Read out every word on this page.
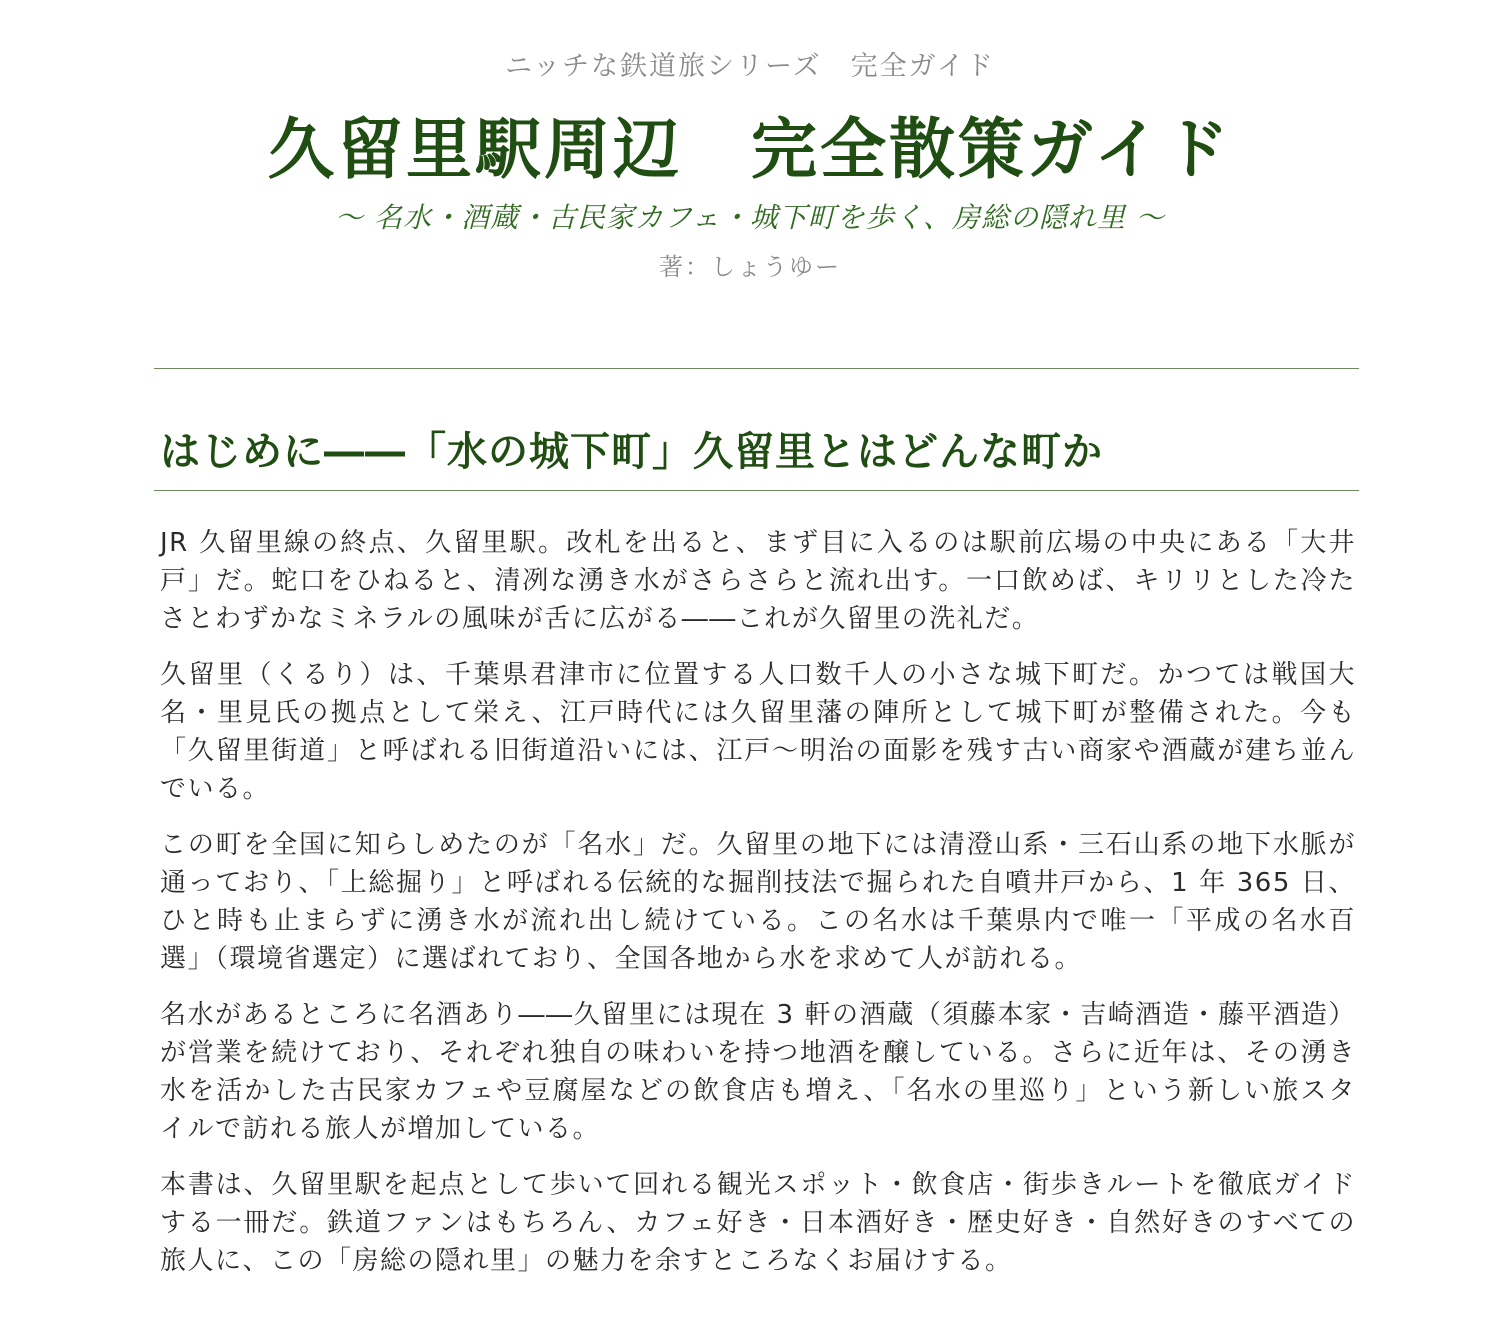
ニッチな鉄道旅シリーズ　完全ガイド
久留里駅周辺　完全散策ガイド
〜 名水・酒蔵・古民家カフェ・城下町を歩く、房総の隠れ里 〜
著：しょうゆー
はじめに――「水の城下町」久留里とはどんな町か

JR 久留里線の終点、久留里駅。改札を出ると、まず目に入るのは駅前広場の中央にある「大井戸」だ。蛇口をひねると、清冽な湧き水がさらさらと流れ出す。一口飲めば、キリリとした冷たさとわずかなミネラルの風味が舌に広がる――これが久留里の洗礼だ。

久留里（くるり）は、千葉県君津市に位置する人口数千人の小さな城下町だ。かつては戦国大名・里見氏の拠点として栄え、江戸時代には久留里藩の陣所として城下町が整備された。今も「久留里街道」と呼ばれる旧街道沿いには、江戸〜明治の面影を残す古い商家や酒蔵が建ち並んでいる。

この町を全国に知らしめたのが「名水」だ。久留里の地下には清澄山系・三石山系の地下水脈が通っており、「上総掘り」と呼ばれる伝統的な掘削技法で掘られた自噴井戸から、1 年 365 日、ひと時も止まらずに湧き水が流れ出し続けている。この名水は千葉県内で唯一「平成の名水百選」（環境省選定）に選ばれており、全国各地から水を求めて人が訪れる。

名水があるところに名酒あり――久留里には現在 3 軒の酒蔵（須藤本家・吉崎酒造・藤平酒造）が営業を続けており、それぞれ独自の味わいを持つ地酒を醸している。さらに近年は、その湧き水を活かした古民家カフェや豆腐屋などの飲食店も増え、「名水の里巡り」という新しい旅スタイルで訪れる旅人が増加している。

本書は、久留里駅を起点として歩いて回れる観光スポット・飲食店・街歩きルートを徹底ガイドする一冊だ。鉄道ファンはもちろん、カフェ好き・日本酒好き・歴史好き・自然好きのすべての旅人に、この「房総の隠れ里」の魅力を余すところなくお届けする。
